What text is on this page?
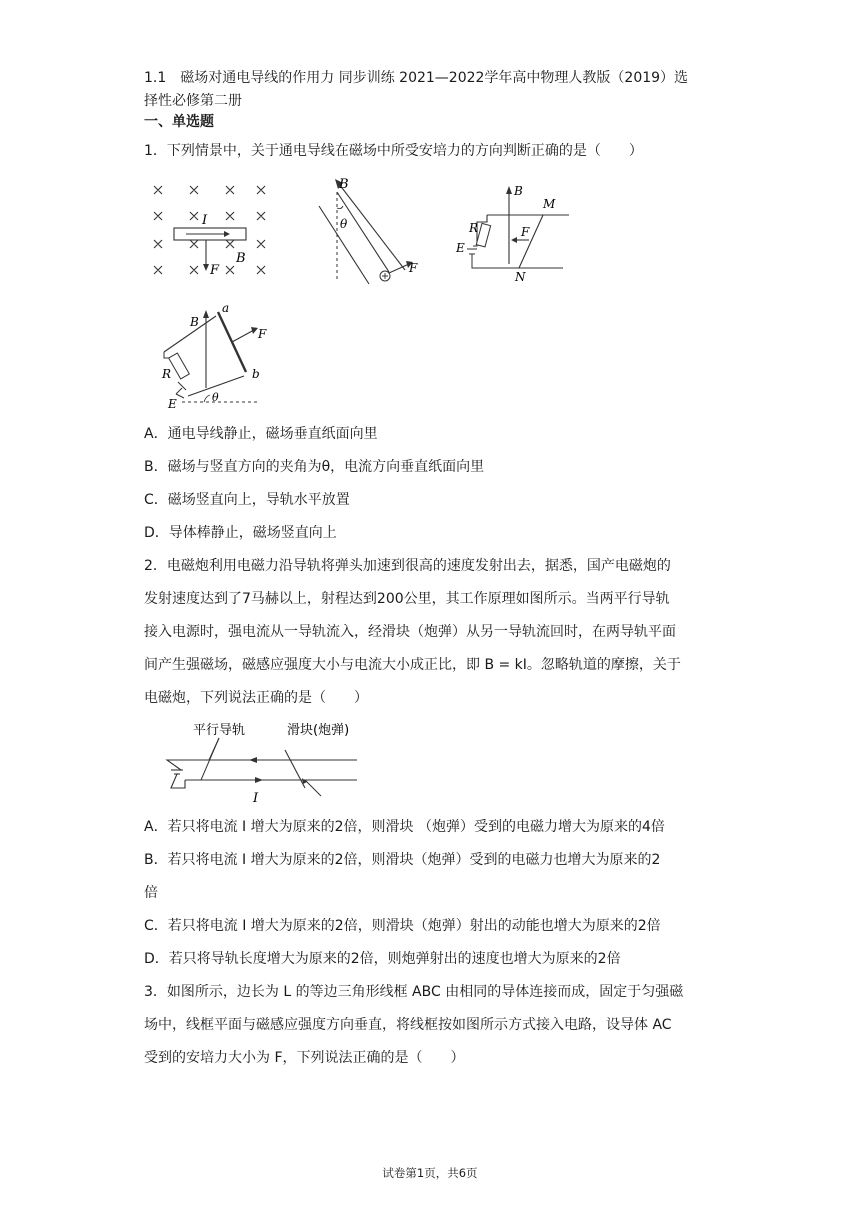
1.1　磁场对通电导线的作用力 同步训练 2021—2022学年高中物理人教版（2019）选
择性必修第二册
一、单选题
1．下列情景中，关于通电导线在磁场中所受安培力的方向判断正确的是（　　）
I
B
F
B
θ
F
B
M
N
R
E
F
B
a
b
F
R
E	θ
A．通电导线静止，磁场垂直纸面向里
B．磁场与竖直方向的夹角为θ，电流方向垂直纸面向里
C．磁场竖直向上，导轨水平放置
D．导体棒静止，磁场竖直向上
2．电磁炮利用电磁力沿导轨将弹头加速到很高的速度发射出去，据悉，国产电磁炮的
发射速度达到了7马赫以上，射程达到200公里，其工作原理如图所示。当两平行导轨
接入电源时，强电流从一导轨流入，经滑块（炮弹）从另一导轨流回时，在两导轨平面
间产生强磁场，磁感应强度大小与电流大小成正比，即 B = kI。忽略轨道的摩擦，关于
电磁炮，下列说法正确的是（　　）
平行导轨	滑块(炮弹)
I
A．若只将电流 I 增大为原来的2倍，则滑块 （炮弹）受到的电磁力增大为原来的4倍
B．若只将电流 I 增大为原来的2倍，则滑块（炮弹）受到的电磁力也增大为原来的2
倍
C．若只将电流 I 增大为原来的2倍，则滑块（炮弹）射出的动能也增大为原来的2倍
D．若只将导轨长度增大为原来的2倍，则炮弹射出的速度也增大为原来的2倍
3．如图所示，边长为 L 的等边三角形线框 ABC 由相同的导体连接而成，固定于匀强磁
场中，线框平面与磁感应强度方向垂直，将线框按如图所示方式接入电路，设导体 AC
受到的安培力大小为 F，下列说法正确的是（　　）
试卷第1页，共6页
